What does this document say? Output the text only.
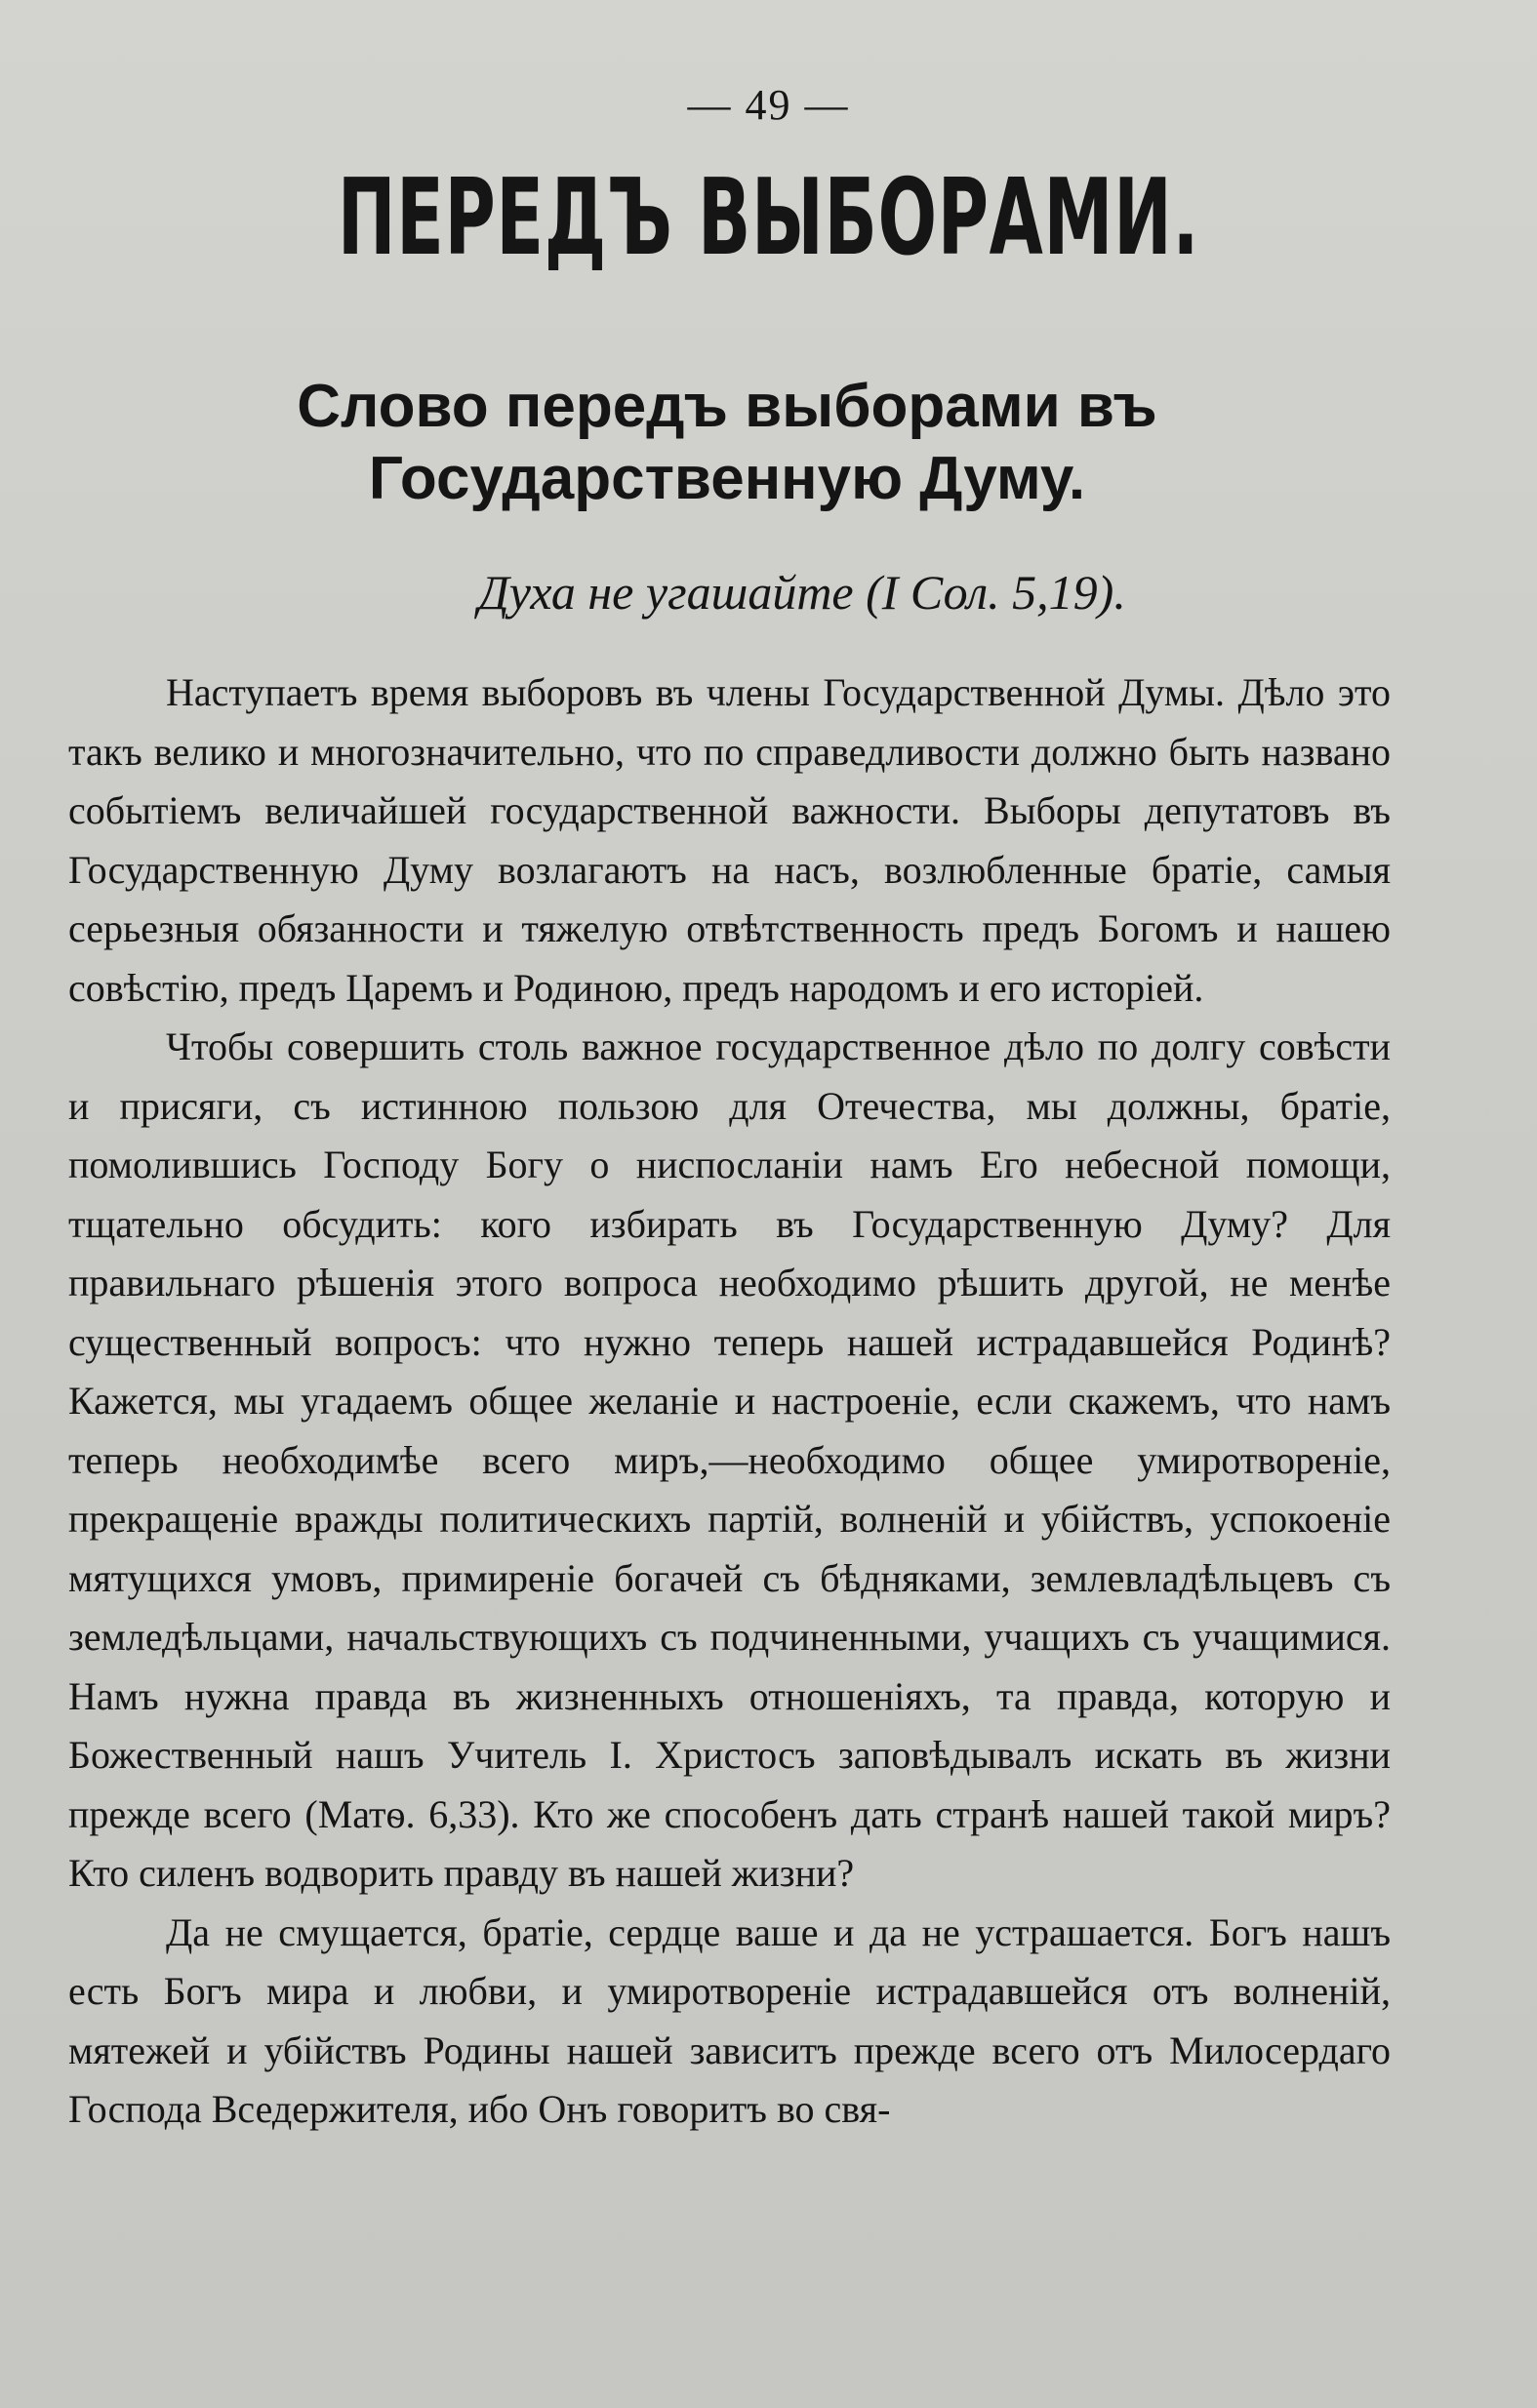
— 49 —
ПЕРЕДЪ ВЫБОРАМИ.
Слово передъ выборами въ Государственную Думу.
Духа не угашайте (I Сол. 5,19).

Наступаетъ время выборовъ въ члены Государственной Думы. Дѣло это такъ велико и многозначительно, что по справедливости должно быть названо событіемъ величайшей государственной важности. Выборы депутатовъ въ Государственную Думу возлагаютъ на насъ, возлюбленные братіе, самыя серьезныя обязанности и тяжелую отвѣтственность предъ Богомъ и нашею совѣстію, предъ Царемъ и Родиною, предъ народомъ и его исторіей.

Чтобы совершить столь важное государственное дѣло по долгу совѣсти и присяги, съ истинною пользою для Отечества, мы должны, братіе, помолившись Господу Богу о ниспосланіи намъ Его небесной помощи, тщательно обсудить: кого избирать въ Государственную Думу? Для правильнаго рѣшенія этого вопроса необходимо рѣшить другой, не менѣе существенный вопросъ: что нужно теперь нашей истрадавшейся Родинѣ? Кажется, мы угадаемъ общее желаніе и настроеніе, если скажемъ, что намъ теперь необходимѣе всего миръ,—необходимо общее умиротвореніе, прекращеніе вражды политическихъ партій, волненій и убійствъ, успокоеніе мятущихся умовъ, примиреніе богачей съ бѣдняками, землевладѣльцевъ съ земледѣльцами, начальствующихъ съ подчиненными, учащихъ съ учащимися. Намъ нужна правда въ жизненныхъ отношеніяхъ, та правда, которую и Божественный нашъ Учитель I. Христосъ заповѣдывалъ искать въ жизни прежде всего (Матѳ. 6,33). Кто же способенъ дать странѣ нашей такой миръ? Кто силенъ водворить правду въ нашей жизни?

Да не смущается, братіе, сердце ваше и да не устрашается. Богъ нашъ есть Богъ мира и любви, и умиротвореніе истрадавшейся отъ волненій, мятежей и убійствъ Родины нашей зависитъ прежде всего отъ Милосердаго Господа Вседержителя, ибо Онъ говоритъ во свя-
